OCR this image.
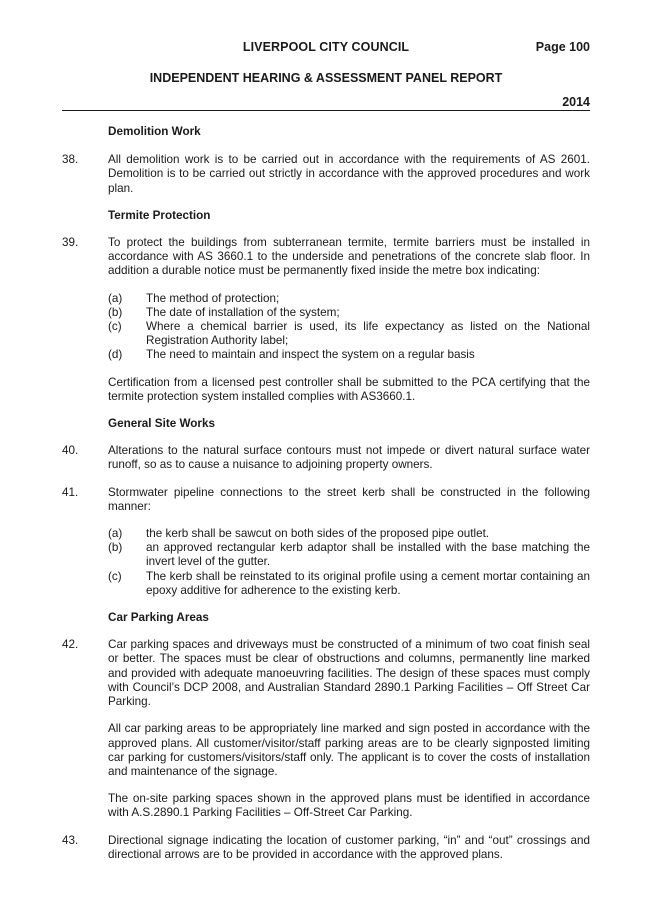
LIVERPOOL CITY COUNCIL	Page 100
INDEPENDENT HEARING & ASSESSMENT PANEL REPORT
2014
Demolition Work
38.	All demolition work is to be carried out in accordance with the requirements of AS 2601. Demolition is to be carried out strictly in accordance with the approved procedures and work plan.
Termite Protection
39.	To protect the buildings from subterranean termite, termite barriers must be installed in accordance with AS 3660.1 to the underside and penetrations of the concrete slab floor. In addition a durable notice must be permanently fixed inside the metre box indicating:
(a)	The method of protection;
(b)	The date of installation of the system;
(c)	Where a chemical barrier is used, its life expectancy as listed on the National Registration Authority label;
(d)	The need to maintain and inspect the system on a regular basis
Certification from a licensed pest controller shall be submitted to the PCA certifying that the termite protection system installed complies with AS3660.1.
General Site Works
40.	Alterations to the natural surface contours must not impede or divert natural surface water runoff, so as to cause a nuisance to adjoining property owners.
41.	Stormwater pipeline connections to the street kerb shall be constructed in the following manner:
(a)	the kerb shall be sawcut on both sides of the proposed pipe outlet.
(b)	an approved rectangular kerb adaptor shall be installed with the base matching the invert level of the gutter.
(c)	The kerb shall be reinstated to its original profile using a cement mortar containing an epoxy additive for adherence to the existing kerb.
Car Parking Areas
42.	Car parking spaces and driveways must be constructed of a minimum of two coat finish seal or better. The spaces must be clear of obstructions and columns, permanently line marked and provided with adequate manoeuvring facilities. The design of these spaces must comply with Council’s DCP 2008, and Australian Standard 2890.1 Parking Facilities – Off Street Car Parking.
All car parking areas to be appropriately line marked and sign posted in accordance with the approved plans. All customer/visitor/staff parking areas are to be clearly signposted limiting car parking for customers/visitors/staff only. The applicant is to cover the costs of installation and maintenance of the signage.
The on-site parking spaces shown in the approved plans must be identified in accordance with A.S.2890.1 Parking Facilities – Off-Street Car Parking.
43.	Directional signage indicating the location of customer parking, “in” and “out” crossings and directional arrows are to be provided in accordance with the approved plans.
